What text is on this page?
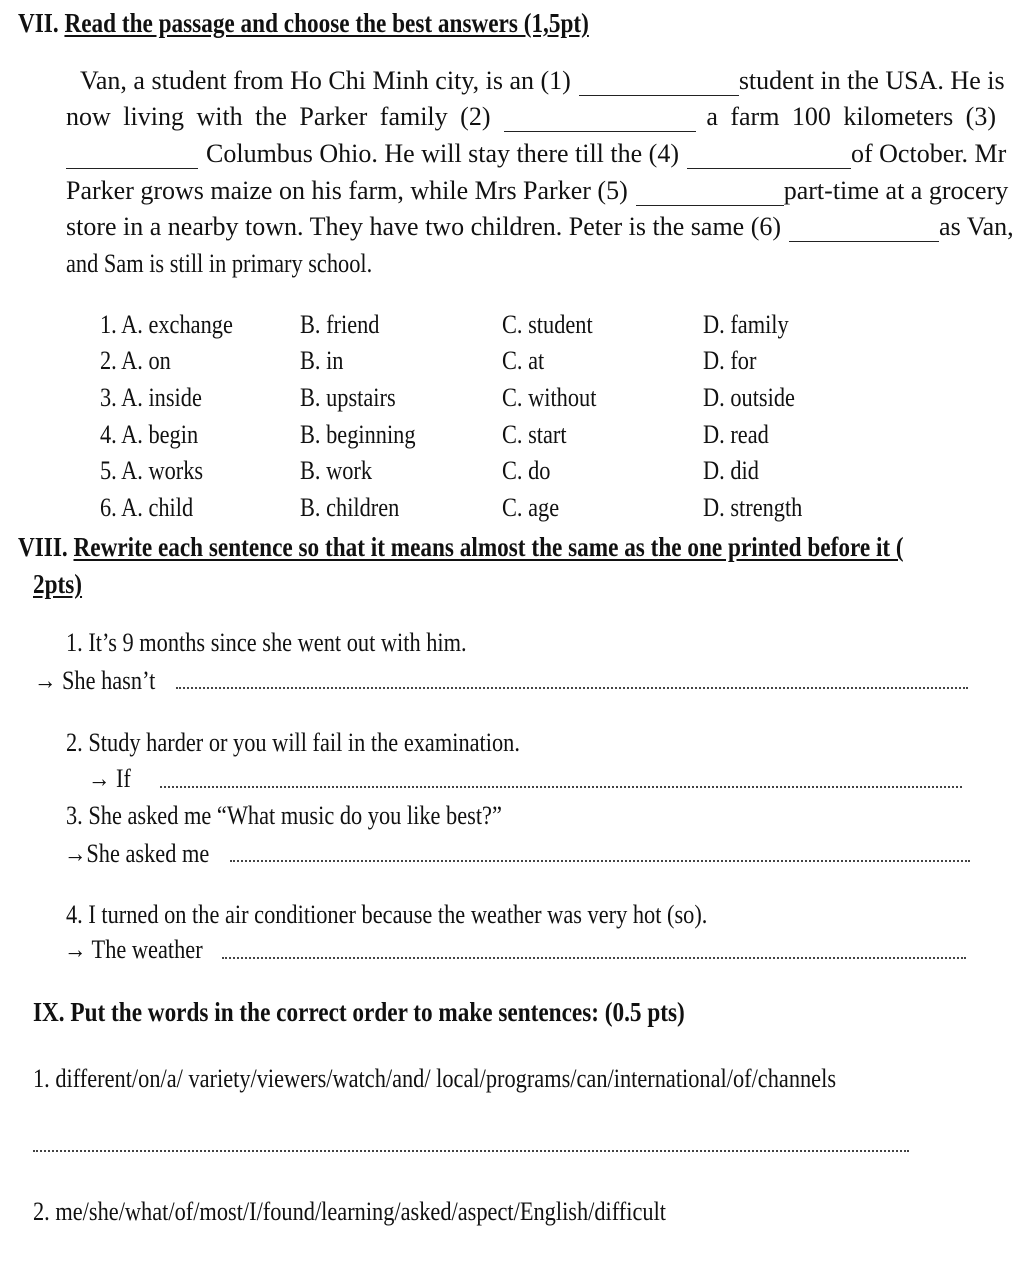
VII. Read the passage and choose the best answers (1,5pt)
Van, a student from Ho Chi Minh city, is an (1)	student in the USA. He is
now living with the Parker family (2)	a farm 100 kilometers (3)
Columbus Ohio. He will stay there till the (4)	of October. Mr
Parker grows maize on his farm, while Mrs Parker (5)	part-time at a grocery
store in a nearby town. They have two children. Peter is the same (6)	as Van,
and Sam is still in primary school.
1. A. exchange	B. friend	C. student	D. family
2. A. on	B. in	C. at	D. for
3. A. inside	B. upstairs	C. without	D. outside
4. A. begin	B. beginning	C. start	D. read
5. A. works	B. work	C. do	D. did
6. A. child	B. children	C. age	D. strength
VIII. Rewrite each sentence so that it means almost the same as the one printed before it (
2pts)
1. It’s 9 months since she went out with him.
→ She hasn’t
2. Study harder or you will fail in the examination.
→ If
3. She asked me “What music do you like best?”
→She asked me
4. I turned on the air conditioner because the weather was very hot (so).
→ The weather
IX. Put the words in the correct order to make sentences: (0.5 pts)
1. different/on/a/ variety/viewers/watch/and/ local/programs/can/international/of/channels
2. me/she/what/of/most/I/found/learning/asked/aspect/English/difficult
